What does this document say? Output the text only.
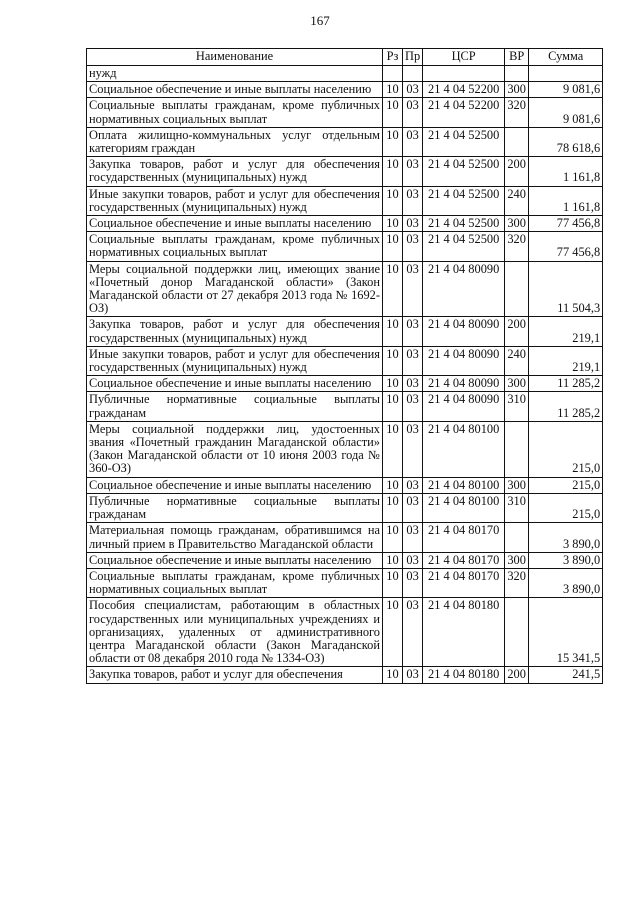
167
Наименование	Рз	Пр	ЦСР	ВР	Сумма
нужд					
Социальное обеспечение и иные выплаты населению	10	03	21 4 04 52200	300	9 081,6
Социальные выплаты гражданам, кроме публичных нормативных социальных выплат	10	03	21 4 04 52200	320	9 081,6
Оплата жилищно-коммунальных услуг отдельным категориям граждан	10	03	21 4 04 52500		78 618,6
Закупка товаров, работ и услуг для обеспечения государственных (муниципальных) нужд	10	03	21 4 04 52500	200	1 161,8
Иные закупки товаров, работ и услуг для обеспечения государственных (муниципальных) нужд	10	03	21 4 04 52500	240	1 161,8
Социальное обеспечение и иные выплаты населению	10	03	21 4 04 52500	300	77 456,8
Социальные выплаты гражданам, кроме публичных нормативных социальных выплат	10	03	21 4 04 52500	320	77 456,8
Меры социальной поддержки лиц, имеющих звание «Почетный донор Магаданской области» (Закон Магаданской области от 27 декабря 2013 года № 1692-ОЗ)	10	03	21 4 04 80090		11 504,3
Закупка товаров, работ и услуг для обеспечения государственных (муниципальных) нужд	10	03	21 4 04 80090	200	219,1
Иные закупки товаров, работ и услуг для обеспечения государственных (муниципальных) нужд	10	03	21 4 04 80090	240	219,1
Социальное обеспечение и иные выплаты населению	10	03	21 4 04 80090	300	11 285,2
Публичные нормативные социальные выплаты гражданам	10	03	21 4 04 80090	310	11 285,2
Меры социальной поддержки лиц, удостоенных звания «Почетный гражданин Магаданской области» (Закон Магаданской области от 10 июня 2003 года № 360-ОЗ)	10	03	21 4 04 80100		215,0
Социальное обеспечение и иные выплаты населению	10	03	21 4 04 80100	300	215,0
Публичные нормативные социальные выплаты гражданам	10	03	21 4 04 80100	310	215,0
Материальная помощь гражданам, обратившимся на личный прием в Правительство Магаданской области	10	03	21 4 04 80170		3 890,0
Социальное обеспечение и иные выплаты населению	10	03	21 4 04 80170	300	3 890,0
Социальные выплаты гражданам, кроме публичных нормативных социальных выплат	10	03	21 4 04 80170	320	3 890,0
Пособия специалистам, работающим в областных государственных или муниципальных учреждениях и организациях, удаленных от административного центра Магаданской области (Закон Магаданской области от 08 декабря 2010 года № 1334-ОЗ)	10	03	21 4 04 80180		15 341,5
Закупка товаров, работ и услуг для обеспечения	10	03	21 4 04 80180	200	241,5
